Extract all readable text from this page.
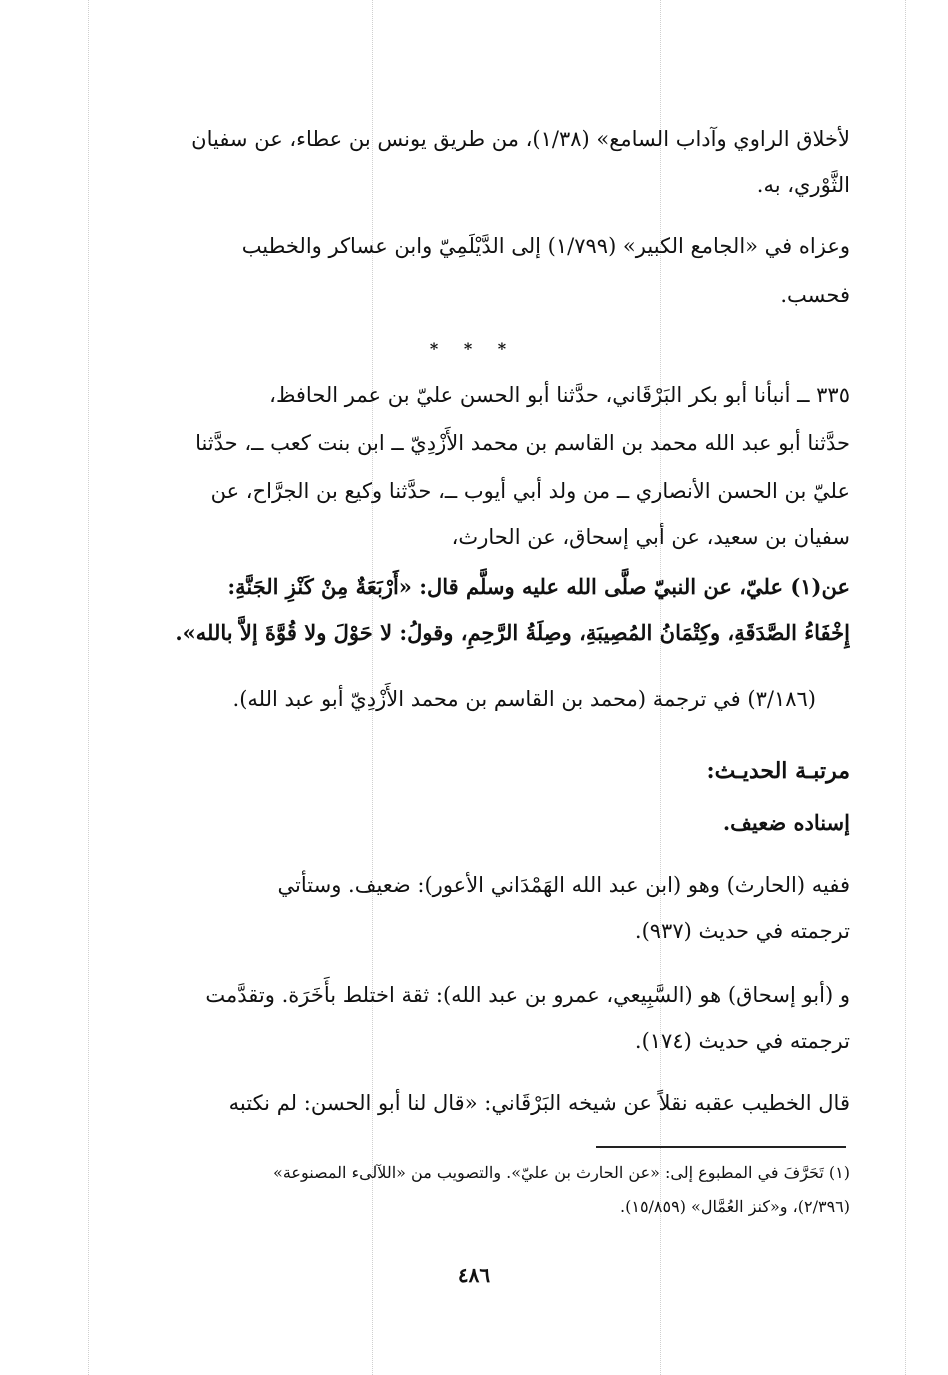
لأخلاق الراوي وآداب السامع» (١/٣٨)، من طريق يونس بن عطاء، عن سفيان
الثَّوْري، به.
وعزاه في «الجامع الكبير» (١/٧٩٩) إلى الدَّيْلَمِيّ وابن عساكر والخطيب
فحسب.
* * *
٣٣٥ ــ أنبأنا أبو بكر البَرْقَاني، حدَّثنا أبو الحسن عليّ بن عمر الحافظ،
حدَّثنا أبو عبد الله محمد بن القاسم بن محمد الأَزْدِيّ ــ ابن بنت كعب ــ، حدَّثنا
عليّ بن الحسن الأنصاري ــ من ولد أبي أيوب ــ، حدَّثنا وكيع بن الجرَّاح، عن
سفيان بن سعيد، عن أبي إسحاق، عن الحارث،
عن(١) عليّ، عن النبيّ صلَّى الله عليه وسلَّم قال: «أَرْبَعَةٌ مِنْ كَنْزِ الجَنَّةِ:
إِخْفَاءُ الصَّدَقَةِ، وكِتْمَانُ المُصِيبَةِ، وصِلَةُ الرَّحِمِ، وقولُ: لا حَوْلَ ولا قُوَّةَ إلاَّ بالله».
(٣/١٨٦) في ترجمة (محمد بن القاسم بن محمد الأَزْدِيّ أبو عبد الله).
مرتبـة الحديـث:
إسناده ضعيف.
ففيه (الحارث) وهو (ابن عبد الله الهَمْدَاني الأعور): ضعيف. وستأتي
ترجمته في حديث (٩٣٧).
و (أبو إسحاق) هو (السَّبِيعي، عمرو بن عبد الله): ثقة اختلط بأَخَرَة. وتقدَّمت
ترجمته في حديث (١٧٤).
قال الخطيب عقبه نقلاً عن شيخه البَرْقَاني: «قال لنا أبو الحسن: لم نكتبه
(١) تَحَرَّفَ في المطبوع إلى: «عن الحارث بن عليّ». والتصويب من «اللآلىء المصنوعة»
(٢/٣٩٦)، و«كنز العُمَّال» (١٥/٨٥٩).
٤٨٦
